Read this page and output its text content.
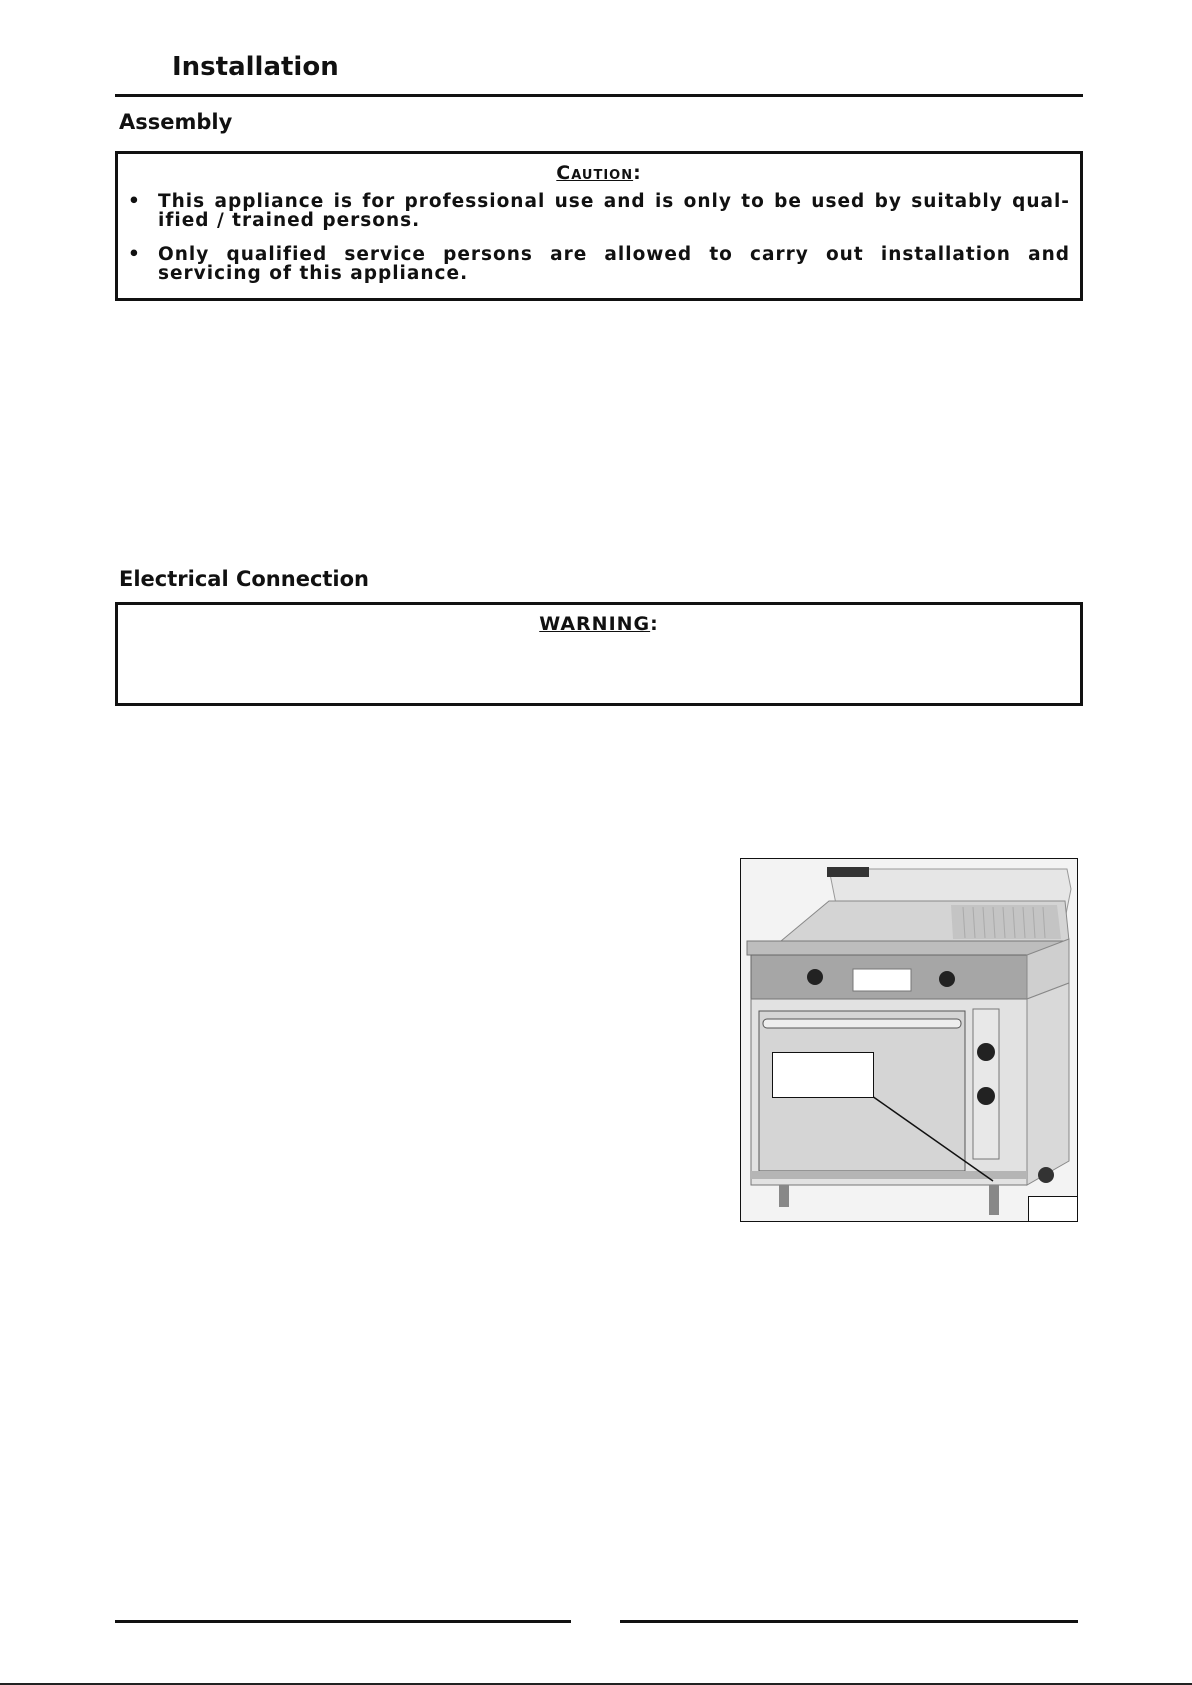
Installation
Assembly
Caution:
• This appliance is for professional use and is only to be used by suitably qual-ified / trained persons.
• Only qualified service persons are allowed to carry out installation and servicing of this appliance.
Electrical Connection
WARNING:
